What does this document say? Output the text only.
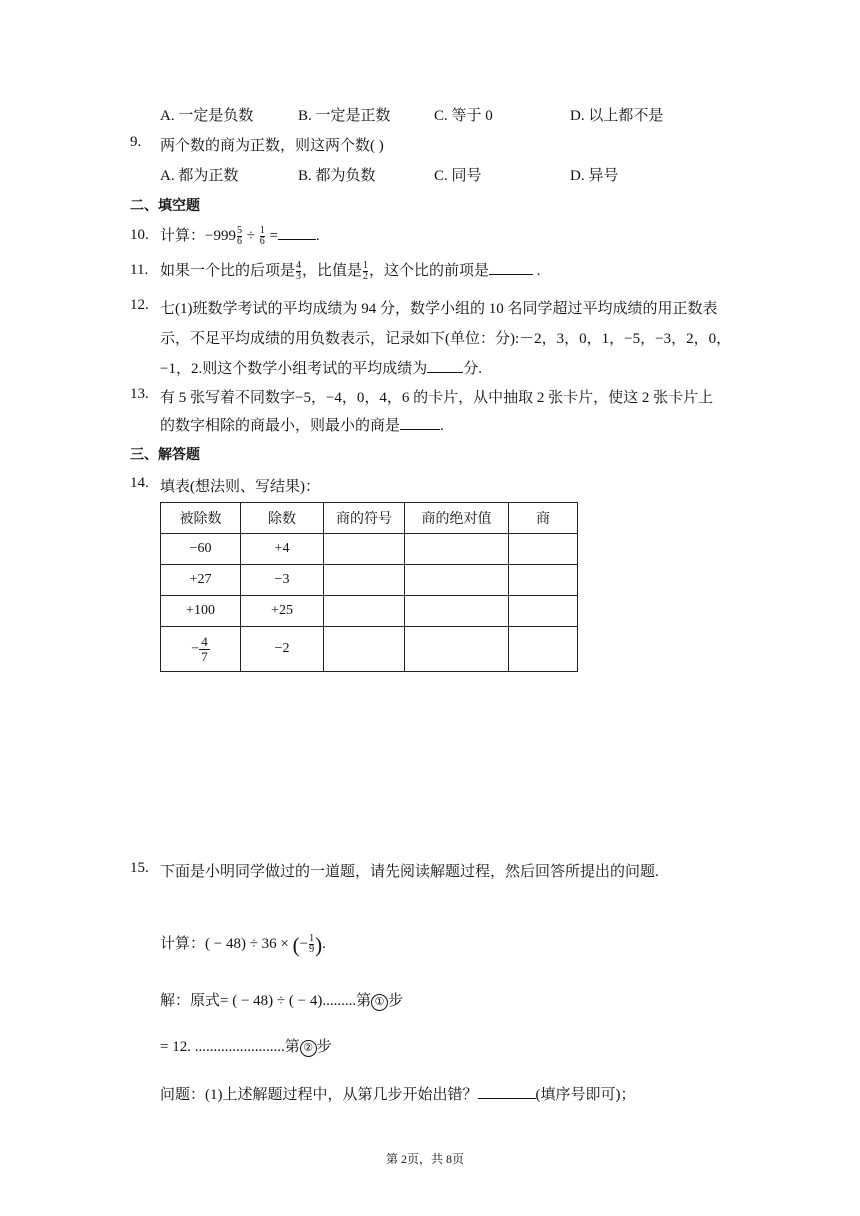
A. 一定是负数	B. 一定是正数	C. 等于 0	D. 以上都不是
9. 两个数的商为正数，则这两个数( )
A. 都为正数	B. 都为负数	C. 同号	D. 异号
二、填空题
10. 计算：$-999 \frac{5}{6} \div \frac{1}{6}$ =	.
11. 如果一个比的后项是 $\frac{4}{3}$ ，比值是 $\frac{1}{2}$ ，这个比的前项是	.
12. 七(1)班数学考试的平均成绩为 94 分，数学小组的 10 名同学超过平均成绩的用正数表
示，不足平均成绩的用负数表示，记录如下(单位：分):－2，3，0，1，−5，−3，2，0，
−1，2.则这个数学小组考试的平均成绩为 分.
13. 有 5 张写着不同数字−5，−4，0，4，6 的卡片，从中抽取 2 张卡片，使这 2 张卡片上
的数字相除的商最小，则最小的商是	.
三、解答题
14. 填表(想法则、写结果)：
被除数	除数	商的符号	商的绝对值	商
−60	+4			
+27	−3			
+100	+25			
− $\frac{4}{7}$	−2			
15. 下面是小明同学做过的一道题，请先阅读解题过程，然后回答所提出的问题.
计算：( − 48) ÷ 36 × (− $\frac{1}{9}$ ).
解：原式= ( − 48) ÷ ( − 4).........第 ① 步
= 12. ........................第 ② 步
问题：(1)上述解题过程中，从第几步开始出错？	(填序号即可)；
第 2页，共 8页
